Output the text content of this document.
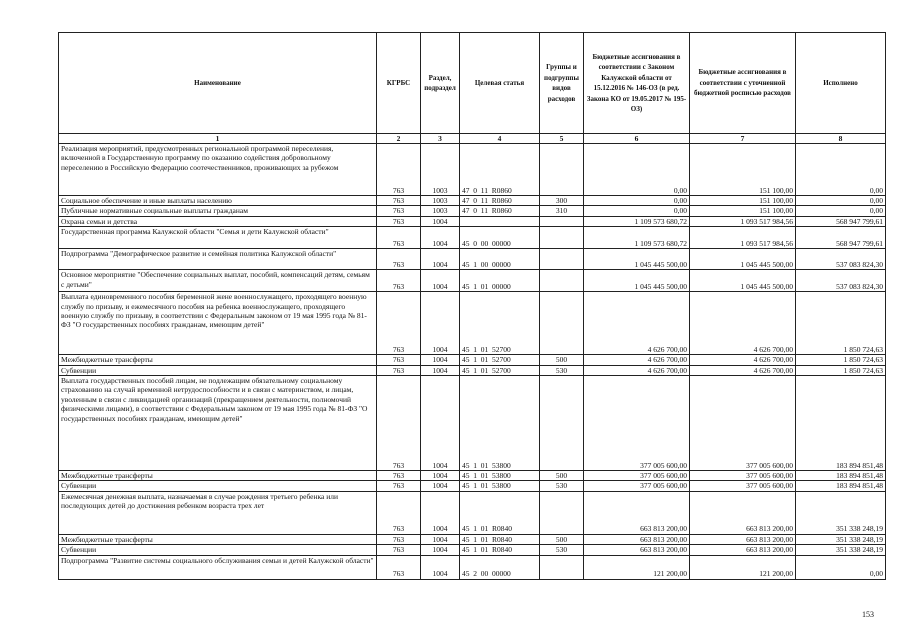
Наименование	КГРБС	Раздел, подраздел	Целевая статья	Группы и подгруппы видов расходов	Бюджетные ассигнования в соответствии с Законом Калужской области от 15.12.2016 № 146-ОЗ (в ред. Закона КО от 19.05.2017 № 195-ОЗ)	Бюджетные ассигнования в соответствии с уточненной бюджетной росписью расходов	Исполнено
1	2	3	4	5	6	7	8
Реализация мероприятий, предусмотренных региональной программой переселения, включенной в Государственную программу по оказанию содействия добровольному переселению в Российскую Федерацию соотечественников, проживающих за рубежом	763	1003	47  0  11  R0860		0,00	151 100,00	0,00
Социальное обеспечение и иные выплаты населению	763	1003	47  0  11  R0860	300	0,00	151 100,00	0,00
Публичные нормативные социальные выплаты гражданам	763	1003	47  0  11  R0860	310	0,00	151 100,00	0,00
Охрана семьи и детства	763	1004			1 109 573 680,72	1 093 517 984,56	568 947 799,61
Государственная программа Калужской области "Семья и дети Калужской области"	763	1004	45  0  00  00000		1 109 573 680,72	1 093 517 984,56	568 947 799,61
Подпрограмма "Демографическое развитие и семейная политика Калужской области"	763	1004	45  1  00  00000		1 045 445 500,00	1 045 445 500,00	537 083 824,30
Основное мероприятие "Обеспечение социальных выплат, пособий, компенсаций детям, семьям с детьми"	763	1004	45  1  01  00000		1 045 445 500,00	1 045 445 500,00	537 083 824,30
Выплата единовременного пособия беременной жене военнослужащего, проходящего военную службу по призыву, и ежемесячного пособия на ребенка военнослужащего, проходящего военную службу по призыву, в соответствии с Федеральным законом от 19 мая 1995 года № 81-ФЗ "О государственных пособиях гражданам, имеющим детей"	763	1004	45  1  01  52700		4 626 700,00	4 626 700,00	1 850 724,63
Межбюджетные трансферты	763	1004	45  1  01  52700	500	4 626 700,00	4 626 700,00	1 850 724,63
Субвенции	763	1004	45  1  01  52700	530	4 626 700,00	4 626 700,00	1 850 724,63
Выплата государственных пособий лицам, не подлежащим обязательному социальному страхованию на случай временной нетрудоспособности и в связи с материнством, и лицам, уволенным в связи с ликвидацией организаций (прекращением деятельности, полномочий физическими лицами), в соответствии с Федеральным законом от 19 мая 1995 года № 81-ФЗ "О государственных пособиях гражданам, имеющим детей"	763	1004	45  1  01  53800		377 005 600,00	377 005 600,00	183 894 851,48
Межбюджетные трансферты	763	1004	45  1  01  53800	500	377 005 600,00	377 005 600,00	183 894 851,48
Субвенции	763	1004	45  1  01  53800	530	377 005 600,00	377 005 600,00	183 894 851,48
Ежемесячная денежная выплата, назначаемая в случае рождения третьего ребенка или последующих детей до достижения ребенком возраста трех лет	763	1004	45  1  01  R0840		663 813 200,00	663 813 200,00	351 338 248,19
Межбюджетные трансферты	763	1004	45  1  01  R0840	500	663 813 200,00	663 813 200,00	351 338 248,19
Субвенции	763	1004	45  1  01  R0840	530	663 813 200,00	663 813 200,00	351 338 248,19
Подпрограмма "Развитие системы социального обслуживания семьи и детей Калужской области"	763	1004	45  2  00  00000		121 200,00	121 200,00	0,00
153
